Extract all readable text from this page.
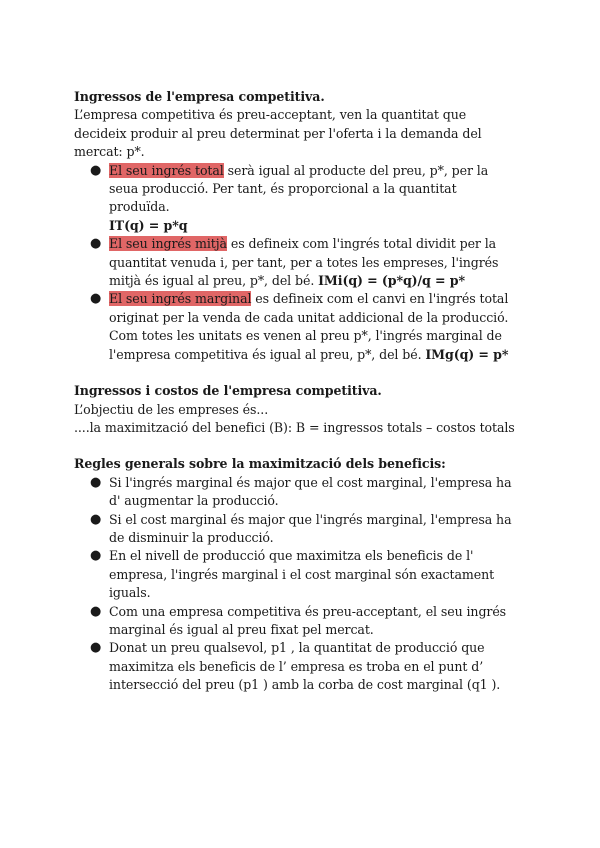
Ingressos de l'empresa competitiva.

L’empresa competitiva és preu-acceptant, ven la quantitat que decideix produir al preu determinat per l'oferta i la demanda del mercat: p*.

● El seu ingrés total serà igual al producte del preu, p*, per la seua producció. Per tant, és proporcional a la quantitat produïda.
IT(q) = p*q
● El seu ingrés mitjà es defineix com l'ingrés total dividit per la quantitat venuda i, per tant, per a totes les empreses, l'ingrés mitjà és igual al preu, p*, del bé. IMi(q) = (p*q)/q = p*
● El seu ingrés marginal es defineix com el canvi en l'ingrés total originat per la venda de cada unitat addicional de la producció. Com totes les unitats es venen al preu p*, l'ingrés marginal de l'empresa competitiva és igual al preu, p*, del bé. IMg(q) = p*

Ingressos i costos de l'empresa competitiva.

L’objectiu de les empreses és...

....la maximització del benefici (B): B = ingressos totals – costos totals

Regles generals sobre la maximització dels beneficis:

● Si l'ingrés marginal és major que el cost marginal, l'empresa ha d' augmentar la producció.
● Si el cost marginal és major que l'ingrés marginal, l'empresa ha de disminuir la producció.
● En el nivell de producció que maximitza els beneficis de l' empresa, l'ingrés marginal i el cost marginal són exactament iguals.
● Com una empresa competitiva és preu-acceptant, el seu ingrés marginal és igual al preu fixat pel mercat.
● Donat un preu qualsevol, p1 , la quantitat de producció que maximitza els beneficis de l’ empresa es troba en el punt d’ intersecció del preu (p1 ) amb la corba de cost marginal (q1 ).
